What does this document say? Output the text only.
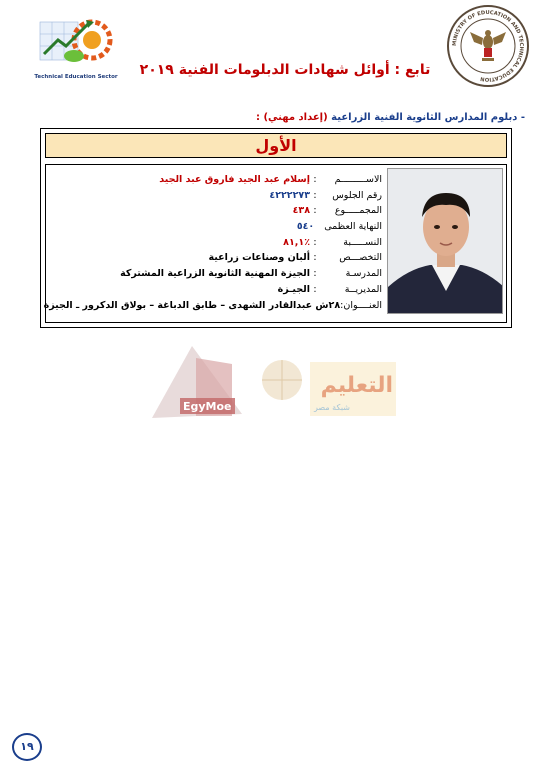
MINISTRY OF EDUCATION AND TECHNICAL EDUCATION
Technical Education Sector	تابع : أوائل شهادات الدبلومات الفنية ٢٠١٩
- دبلوم المدارس الثانوية الفنية الزراعية (إعداد مهني) :
الأول
الاســـــــــم
:
إسلام عبد الجيد فاروق عبد الجيد
رقم الجلوس
:
٤٢٢٢٢٧٣
المجمـــــوع
:
٤٣٨
النهاية العظمى
٥٤٠
النســـــبة
:
٪٨١,١
التخصـــص
:
ألبان وصناعات زراعية
المدرسـة
:
الجيزة المهنية الثانوية الزراعية المشتركة
المديريــة
:
الجيـزة
العنــــوان
:
٢٨ش عبدالقادر الشهدى – طابق الدباغة – بولاق الدكرور ـ الجيزة
EgyMoe
التعليم
شبكة مصر
١٩
